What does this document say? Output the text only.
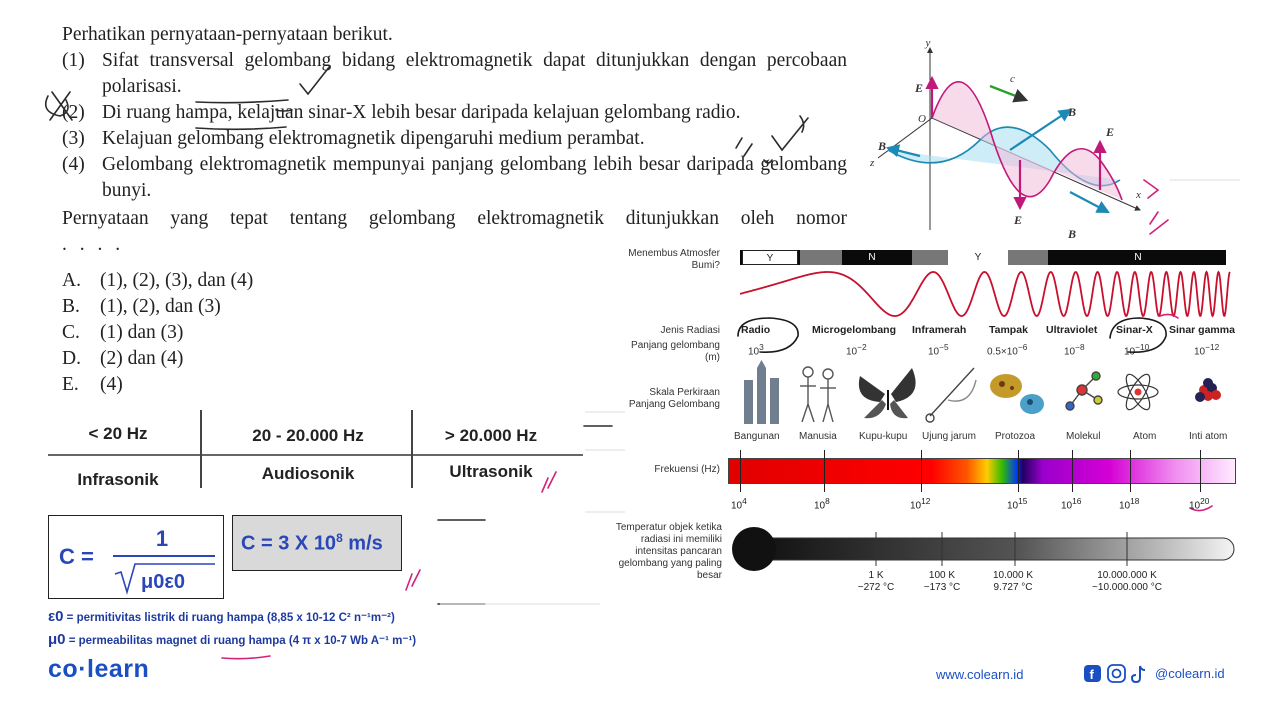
Perhatikan pernyataan-pernyataan berikut.

(1) Sifat transversal gelombang bidang elektromagnetik dapat ditunjukkan dengan percobaan polarisasi.
(2) Di ruang hampa, kelajuan sinar-X lebih besar daripada kelajuan gelombang radio.
(3) Kelajuan gelombang elektromagnetik dipengaruhi medium perambat.
(4) Gelombang elektromagnetik mempunyai panjang gelombang lebih besar daripada gelombang bunyi.

Pernyataan yang tepat tentang gelombang elektromagnetik ditunjukkan oleh nomor

. . . .

A. (1), (2), (3), dan (4)
B.	(1), (2), dan (3)
C.	(1) dan (3)
D. (2) dan (4)
E.	(4)
< 20 Hz	20 - 20.000 Hz	> 20.000 Hz
Infrasonik	Audiosonik	Ultrasonik
C =
1
μ0ε0
C = 3 X $10^8$ m/s
ε0 = permitivitas listrik di ruang hampa (8,85 x 10-12 C² n⁻¹m⁻²)
μ0 = permeabilitas magnet di ruang hampa (4 π x 10-7 Wb A⁻¹ m⁻¹)
y
c
O
z
x
E
B
B
E
E
B
Menembus Atmosfer Bumi?
Y	N	Y	N
Jenis Radiasi
Panjang gelombang (m)
Radio	Microgelombang Inframerah Tampak Ultraviolet Sinar-X Sinar gamma
$10^3$	$10^{-2}$	$10^{-5}$	$0.5\times 10^{-6}$	$10^{-8}$	$10^{-10}$	$10^{-12}$
Skala Perkiraan Panjang Gelombang
Bangunan Manusia Kupu-kupu Ujung jarum Protozoa	Molekul	Atom	Inti atom
Frekuensi (Hz)
$10^4$	$10^8$	$10^{12}$	$10^{15}$	$10^{16}$	$10^{18}$	$10^{20}$
Temperatur objek ketika radiasi ini memiliki intensitas pancaran gelombang yang paling besar	1 K
−272 °C
100 K
−173 °C
10.000 K
9.727 °C
10.000.000 K
~10.000.000 °C
co·learn	www.colearn.id	f	@colearn.id
